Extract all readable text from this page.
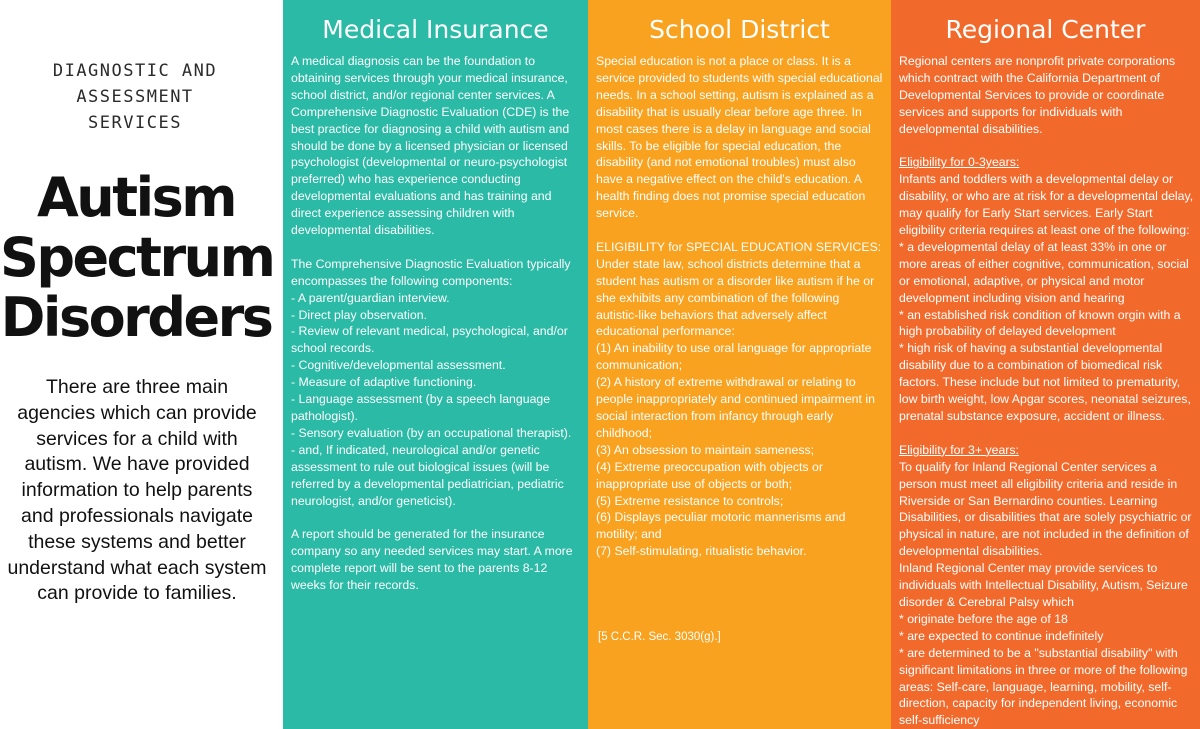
DIAGNOSTIC AND
ASSESSMENT
SERVICES
Autism
Spectrum
Disorders
There are three main agencies which can provide services for a child with autism. We have provided information to help parents and professionals navigate these systems and better understand what each system can provide to families.
Medical Insurance
A medical diagnosis can be the foundation to obtaining services through your medical insurance, school district, and/or regional center services. A Comprehensive Diagnostic Evaluation (CDE) is the best practice for diagnosing a child with autism and should be done by a licensed physician or licensed psychologist (developmental or neuro-psychologist preferred) who has experience conducting developmental evaluations and has training and direct experience assessing children with developmental disabilities.
The Comprehensive Diagnostic Evaluation typically encompasses the following components:
- A parent/guardian interview.
- Direct play observation.
- Review of relevant medical, psychological, and/or school records.
- Cognitive/developmental assessment.
- Measure of adaptive functioning.
- Language assessment (by a speech language pathologist).
- Sensory evaluation (by an occupational therapist).
- and, If indicated, neurological and/or genetic assessment to rule out biological issues (will be referred by a developmental pediatrician, pediatric neurologist, and/or geneticist).
A report should be generated for the insurance company so any needed services may start. A more complete report will be sent to the parents 8-12 weeks for their records.
School District
Special education is not a place or class. It is a service provided to students with special educational needs. In a school setting, autism is explained as a disability that is usually clear before age three. In most cases there is a delay in language and social skills. To be eligible for special education, the disability (and not emotional troubles) must also have a negative effect on the child's education. A health finding does not promise special education service.
ELIGIBILITY for SPECIAL EDUCATION SERVICES: Under state law, school districts determine that a student has autism or a disorder like autism if he or she exhibits any combination of the following autistic-like behaviors that adversely affect educational performance:
(1) An inability to use oral language for appropriate communication;
(2) A history of extreme withdrawal or relating to people inappropriately and continued impairment in social interaction from infancy through early childhood;
(3) An obsession to maintain sameness;
(4) Extreme preoccupation with objects or inappropriate use of objects or both;
(5) Extreme resistance to controls;
(6) Displays peculiar motoric mannerisms and motility; and
(7) Self-stimulating, ritualistic behavior.
[5 C.C.R. Sec. 3030(g).]
Regional Center
Regional centers are nonprofit private corporations which contract with the California Department of Developmental Services to provide or coordinate services and supports for individuals with developmental disabilities.
Eligibility for 0-3years:
Infants and toddlers with a developmental delay or disability, or who are at risk for a developmental delay, may qualify for Early Start services. Early Start eligibility criteria requires at least one of the following:
* a developmental delay of at least 33% in one or more areas of either cognitive, communication, social or emotional, adaptive, or physical and motor development including vision and hearing
* an established risk condition of known orgin with a high probability of delayed development
* high risk of having a substantial developmental disability due to a combination of biomedical risk factors. These include but not limited to prematurity, low birth weight, low Apgar scores, neonatal seizures, prenatal substance exposure, accident or illness.
Eligibility for 3+ years:
To qualify for Inland Regional Center services a person must meet all eligibility criteria and reside in Riverside or San Bernardino counties. Learning Disabilities, or disabilities that are solely psychiatric or physical in nature, are not included in the definition of developmental disabilities.
Inland Regional Center may provide services to individuals with Intellectual Disability, Autism, Seizure disorder & Cerebral Palsy which
* originate before the age of 18
* are expected to continue indefinitely
* are determined to be a "substantial disability" with significant limitations in three or more of the following areas: Self-care, language, learning, mobility, self-direction, capacity for independent living, economic self-sufficiency
